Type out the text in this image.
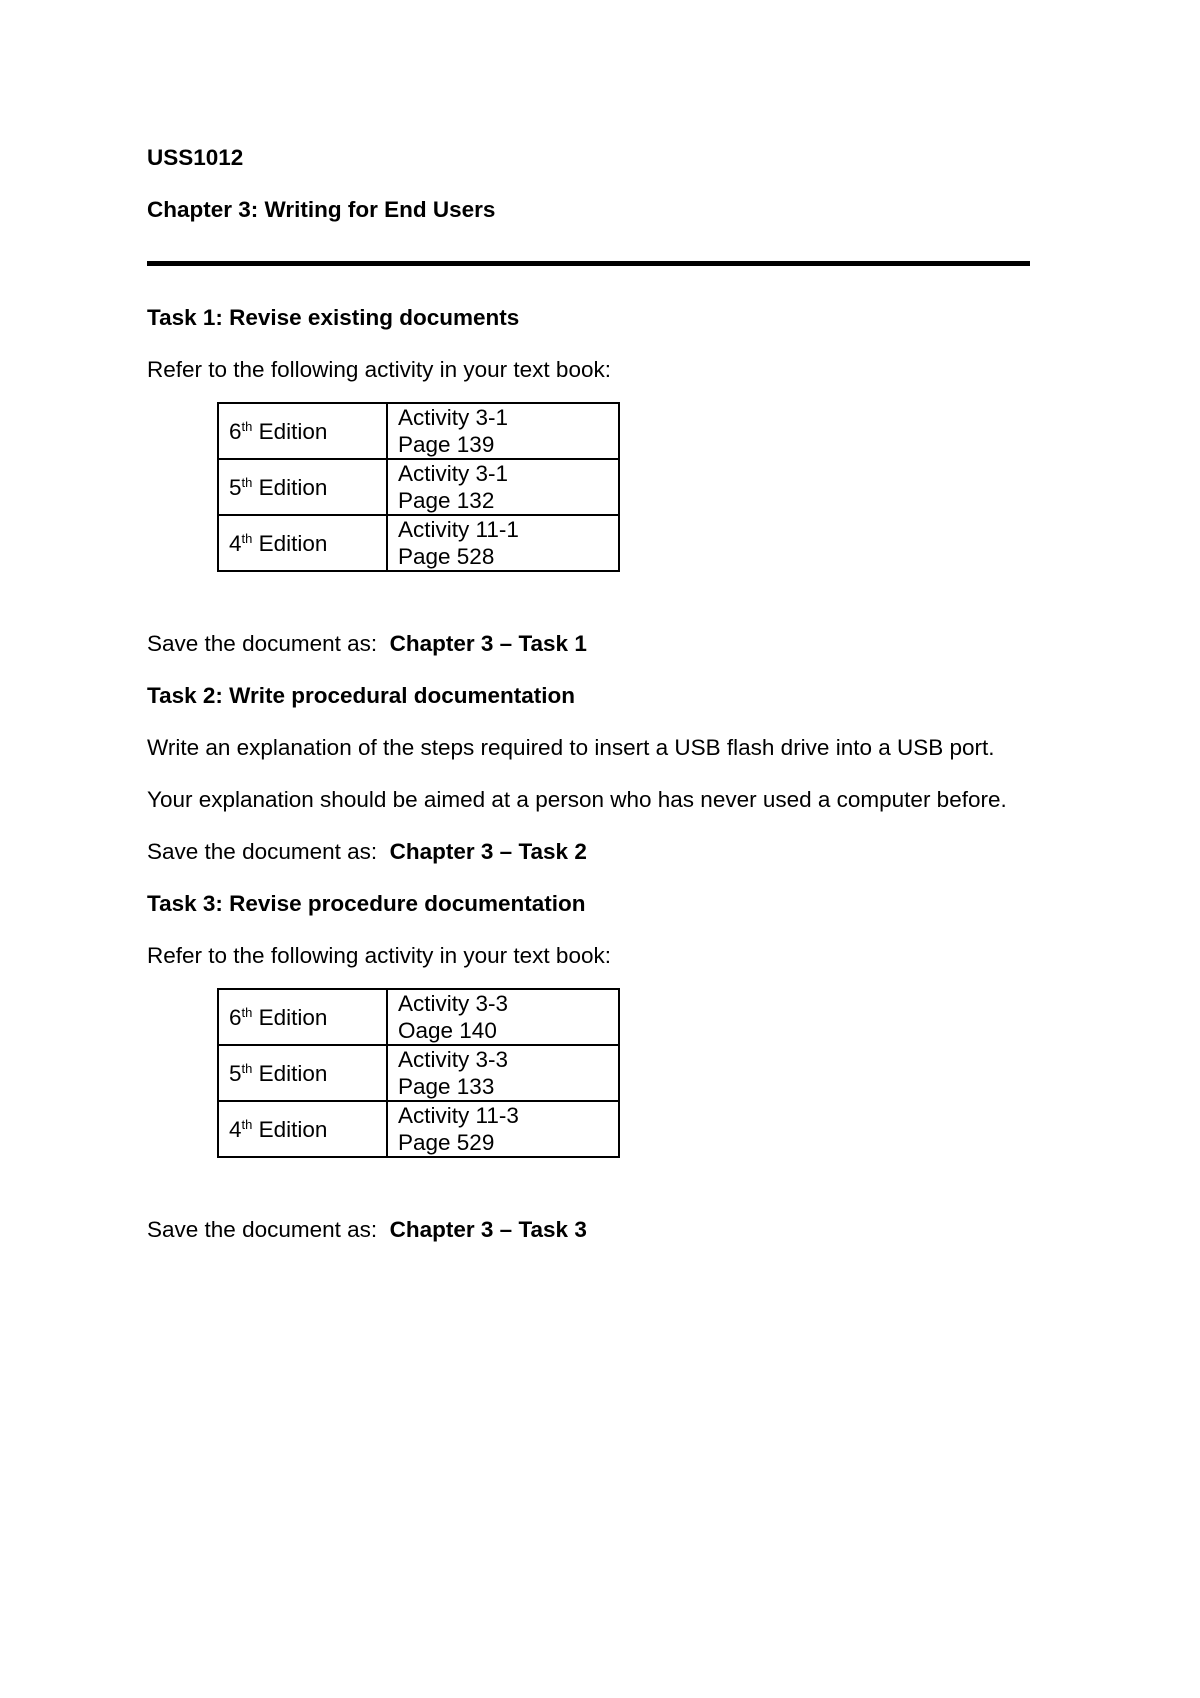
USS1012

Chapter 3: Writing for End Users

Task 1: Revise existing documents

Refer to the following activity in your text book:

6th Edition	Activity 3-1
Page 139

5th Edition	Activity 3-1
Page 132

4th Edition	Activity 11-1
Page 528

Save the document as:  Chapter 3 – Task 1

Task 2: Write procedural documentation

Write an explanation of the steps required to insert a USB flash drive into a USB port.

Your explanation should be aimed at a person who has never used a computer before.

Save the document as:  Chapter 3 – Task 2

Task 3: Revise procedure documentation

Refer to the following activity in your text book:

6th Edition	Activity 3-3
Oage 140

5th Edition	Activity 3-3
Page 133

4th Edition	Activity 11-3
Page 529

Save the document as:  Chapter 3 – Task 3
